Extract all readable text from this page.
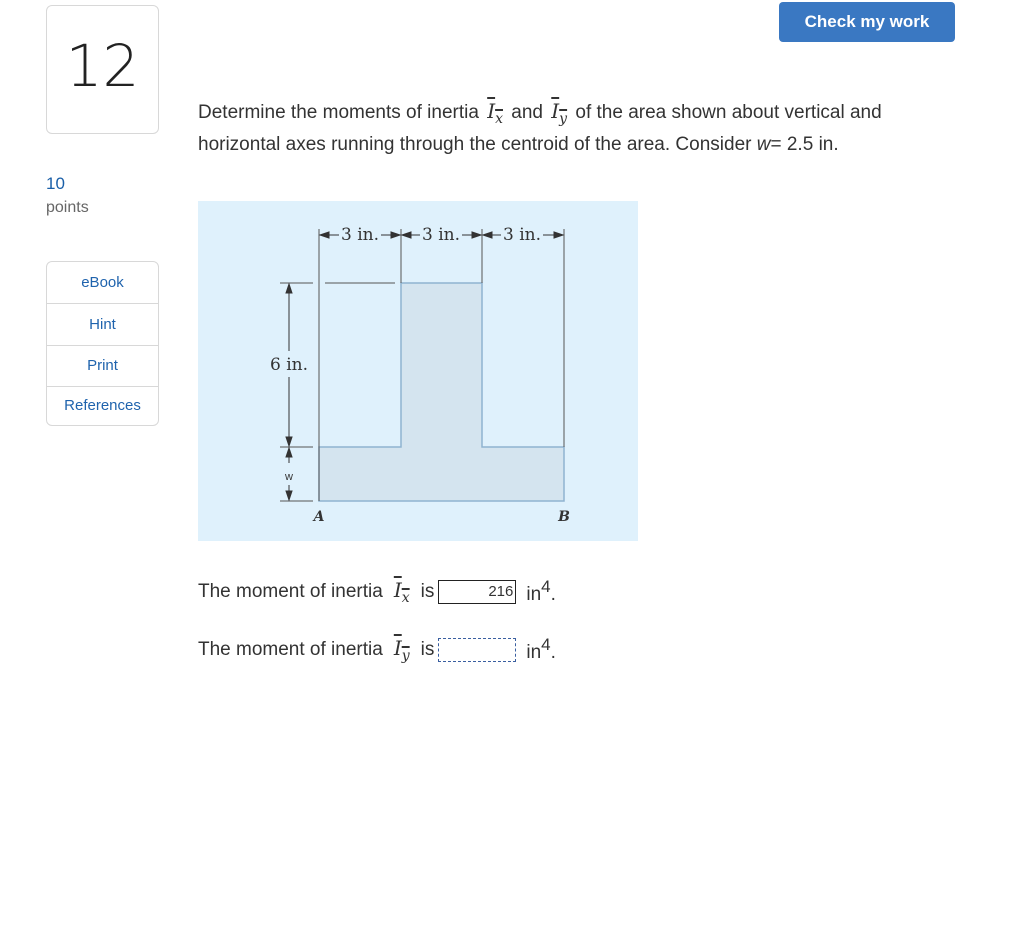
12
10
points
eBook
Hint
Print
References
Check my work
Determine the moments of inertia $I_x$ and $I_y$ of the area shown about vertical and horizontal axes running through the centroid of the area. Consider w= 2.5 in.
3 in.	3 in.	3 in.
6 in.
w
A	B
The moment of inertia $I_x$ is
216	$in^4$.
The moment of inertia $I_y$ is	$in^4$.
